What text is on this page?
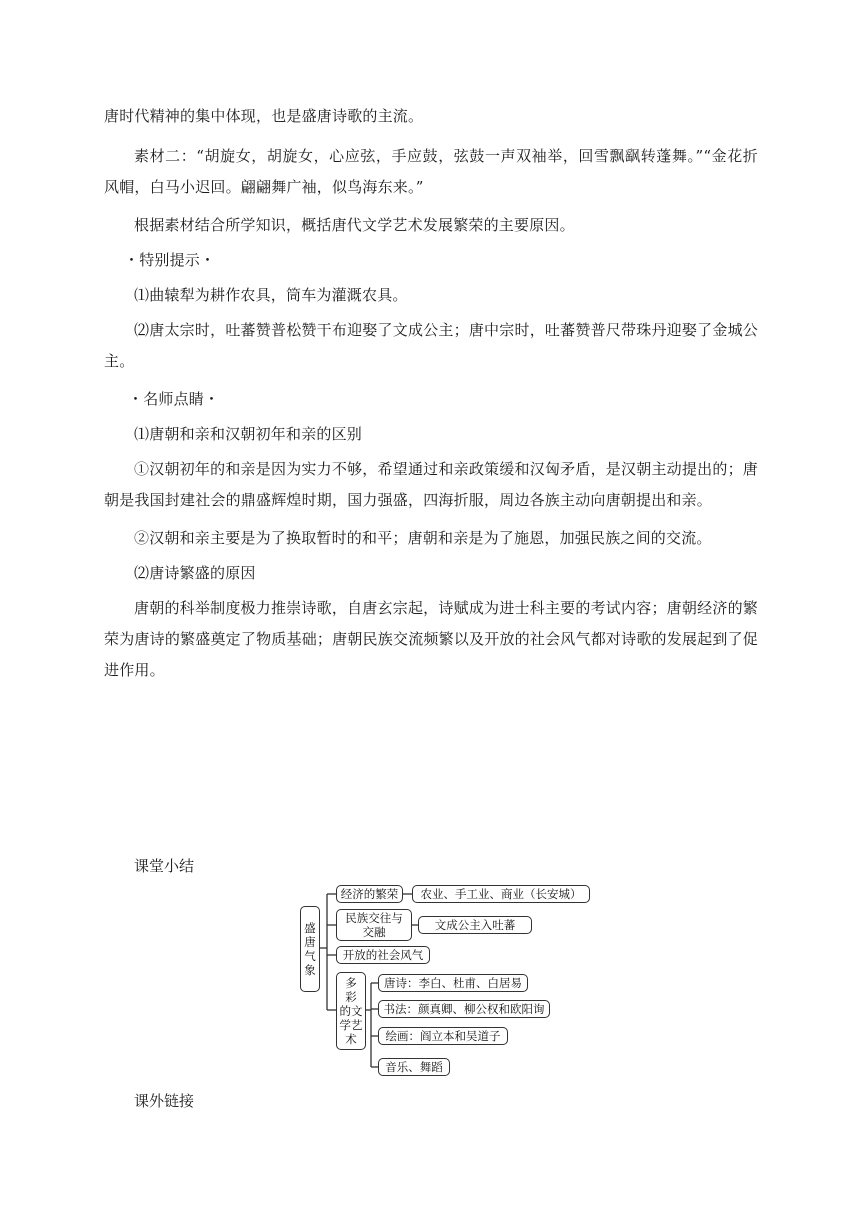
唐时代精神的集中体现，也是盛唐诗歌的主流。

素材二：“胡旋女，胡旋女，心应弦，手应鼓，弦鼓一声双袖举，回雪飘飖转蓬舞。”“金花折风帽，白马小迟回。翩翩舞广袖，似鸟海东来。”

根据素材结合所学知识，概括唐代文学艺术发展繁荣的主要原因。

・特别提示・

⑴曲辕犁为耕作农具，筒车为灌溉农具。

⑵唐太宗时，吐蕃赞普松赞干布迎娶了文成公主；唐中宗时，吐蕃赞普尺带珠丹迎娶了金城公主。

・名师点睛・

⑴唐朝和亲和汉朝初年和亲的区别

①汉朝初年的和亲是因为实力不够，希望通过和亲政策缓和汉匈矛盾，是汉朝主动提出的；唐朝是我国封建社会的鼎盛辉煌时期，国力强盛，四海折服，周边各族主动向唐朝提出和亲。

②汉朝和亲主要是为了换取暂时的和平；唐朝和亲是为了施恩，加强民族之间的交流。

⑵唐诗繁盛的原因

唐朝的科举制度极力推崇诗歌，自唐玄宗起，诗赋成为进士科主要的考试内容；唐朝经济的繁荣为唐诗的繁盛奠定了物质基础；唐朝民族交流频繁以及开放的社会风气都对诗歌的发展起到了促进作用。

课堂小结

盛
唐
气
象
经济的繁荣	农业、手工业、商业（长安城）
民族交往与
交融	文成公主入吐蕃
开放的社会风气
多
彩
的 文
学 艺
术
唐诗：李白、杜甫、白居易
书法：颜真卿、柳公权和欧阳询
绘画：阎立本和吴道子
音乐、舞蹈

课外链接
